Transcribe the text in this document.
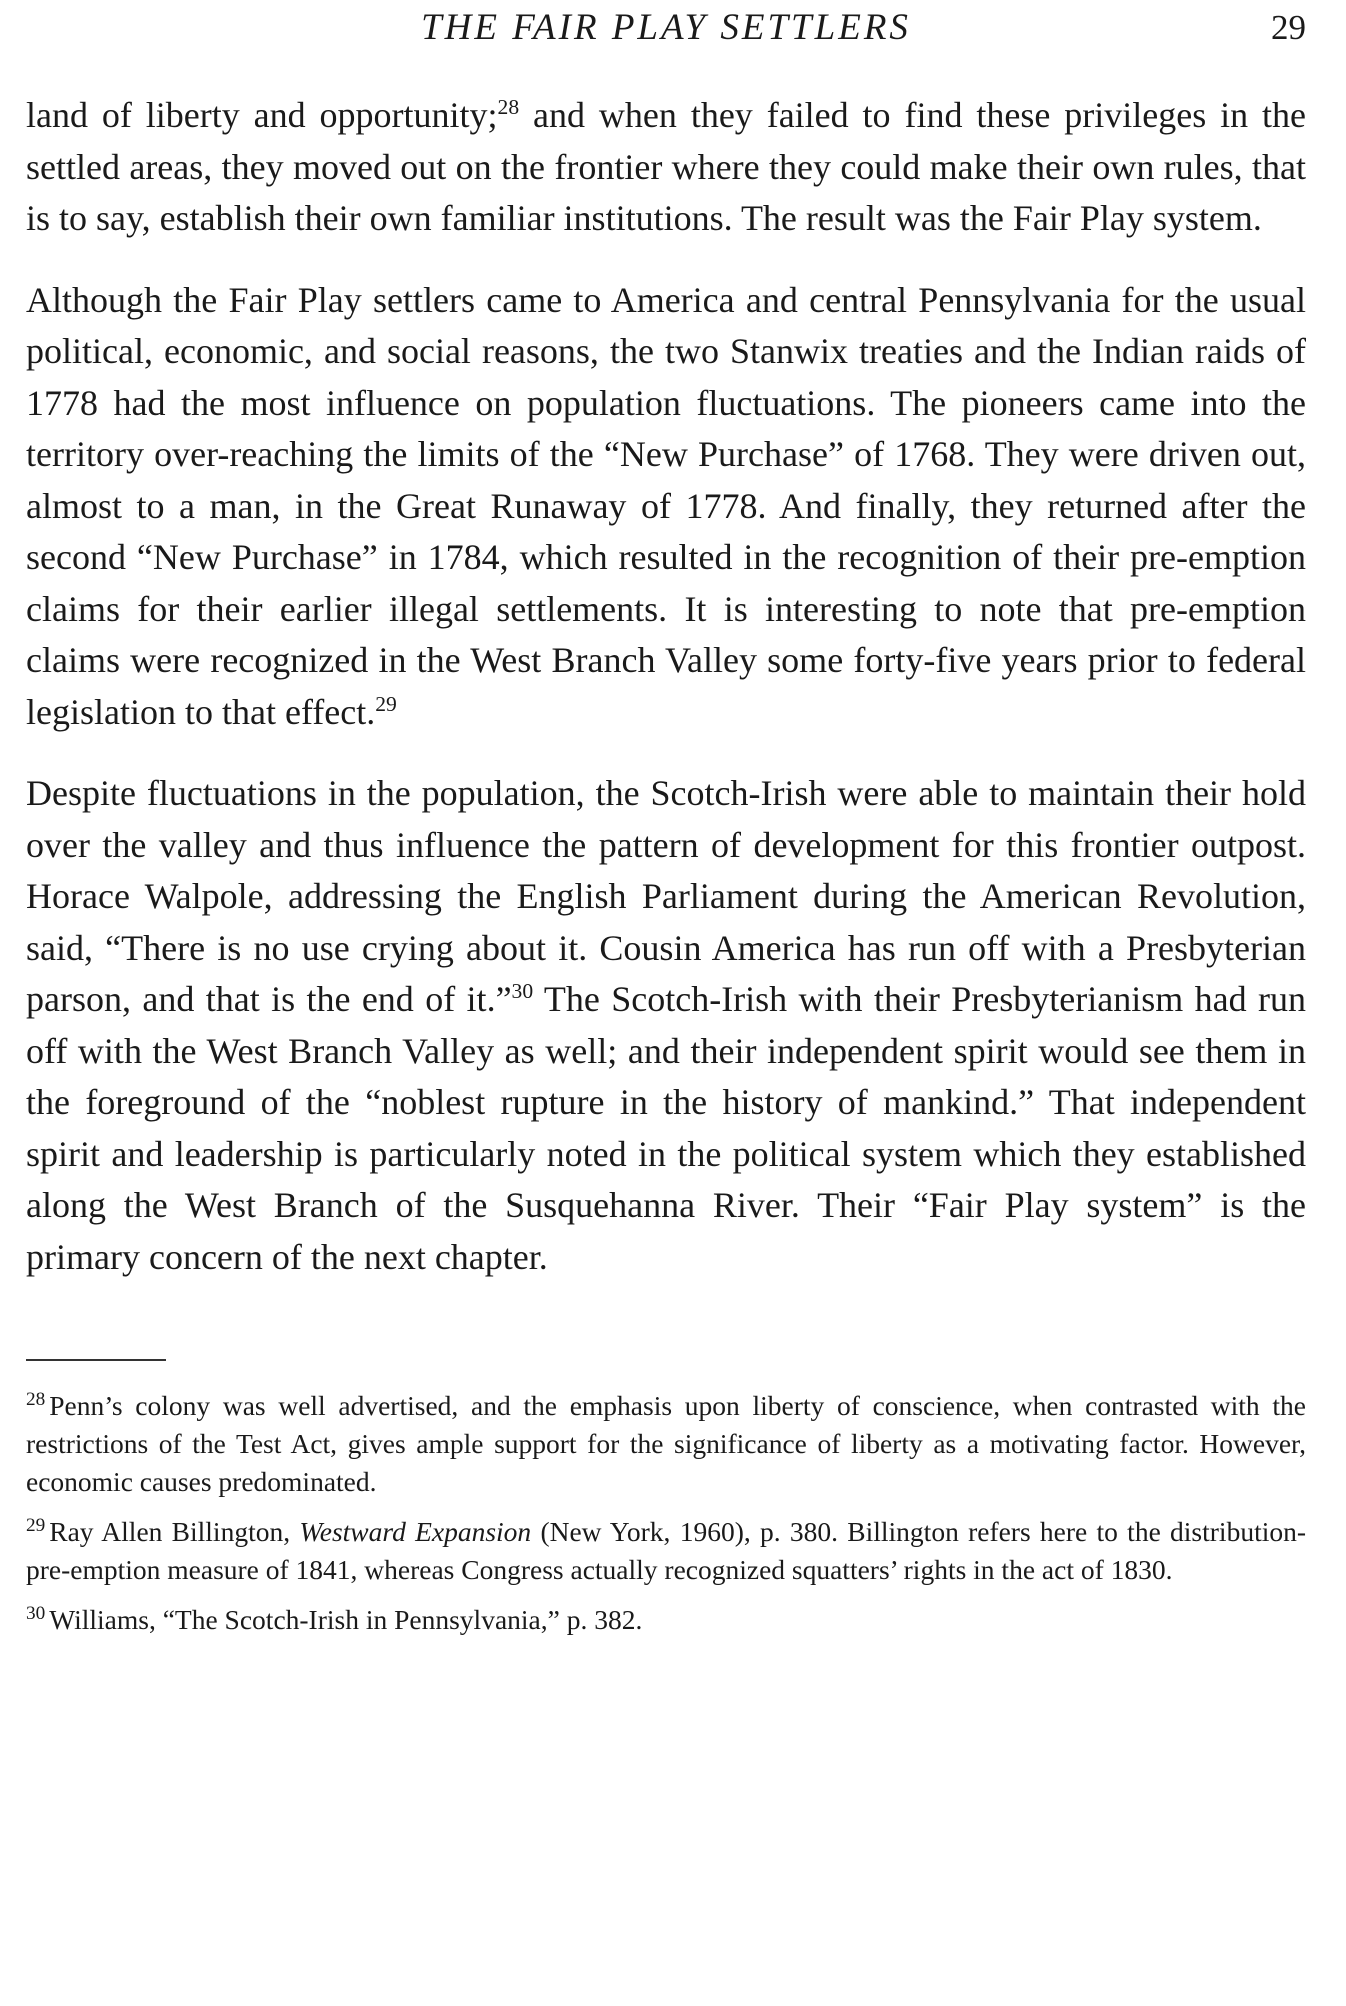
THE FAIR PLAY SETTLERS	29

land of liberty and opportunity;$^{28}$ and when they failed to find these privileges in the settled areas, they moved out on the frontier where they could make their own rules, that is to say, establish their own familiar institutions. The result was the Fair Play system.

Although the Fair Play settlers came to America and central Pennsylvania for the usual political, economic, and social reasons, the two Stanwix treaties and the Indian raids of 1778 had the most influence on population fluctuations. The pioneers came into the territory over-reaching the limits of the “New Purchase” of 1768. They were driven out, almost to a man, in the Great Runaway of 1778. And finally, they returned after the second “New Purchase” in 1784, which resulted in the recognition of their pre-emption claims for their earlier illegal settlements. It is interesting to note that pre-emption claims were recognized in the West Branch Valley some forty-five years prior to federal legislation to that effect.$^{29}$

Despite fluctuations in the population, the Scotch-Irish were able to maintain their hold over the valley and thus influence the pattern of development for this frontier outpost. Horace Walpole, addressing the English Parliament during the American Revolution, said, “There is no use crying about it. Cousin America has run off with a Presbyterian parson, and that is the end of it.”$^{30}$ The Scotch-Irish with their Presbyterianism had run off with the West Branch Valley as well; and their independent spirit would see them in the foreground of the “noblest rupture in the history of mankind.” That independent spirit and leadership is particularly noted in the political system which they established along the West Branch of the Susquehanna River. Their “Fair Play system” is the primary concern of the next chapter.

$^{28}$ Penn’s colony was well advertised, and the emphasis upon liberty of conscience, when contrasted with the restrictions of the Test Act, gives ample support for the significance of liberty as a motivating factor. However, economic causes predominated.

$^{29}$ Ray Allen Billington, Westward Expansion (New York, 1960), p. 380. Billington refers here to the distribution-pre-emption measure of 1841, whereas Congress actually recognized squatters’ rights in the act of 1830.

$^{30}$ Williams, “The Scotch-Irish in Pennsylvania,” p. 382.
